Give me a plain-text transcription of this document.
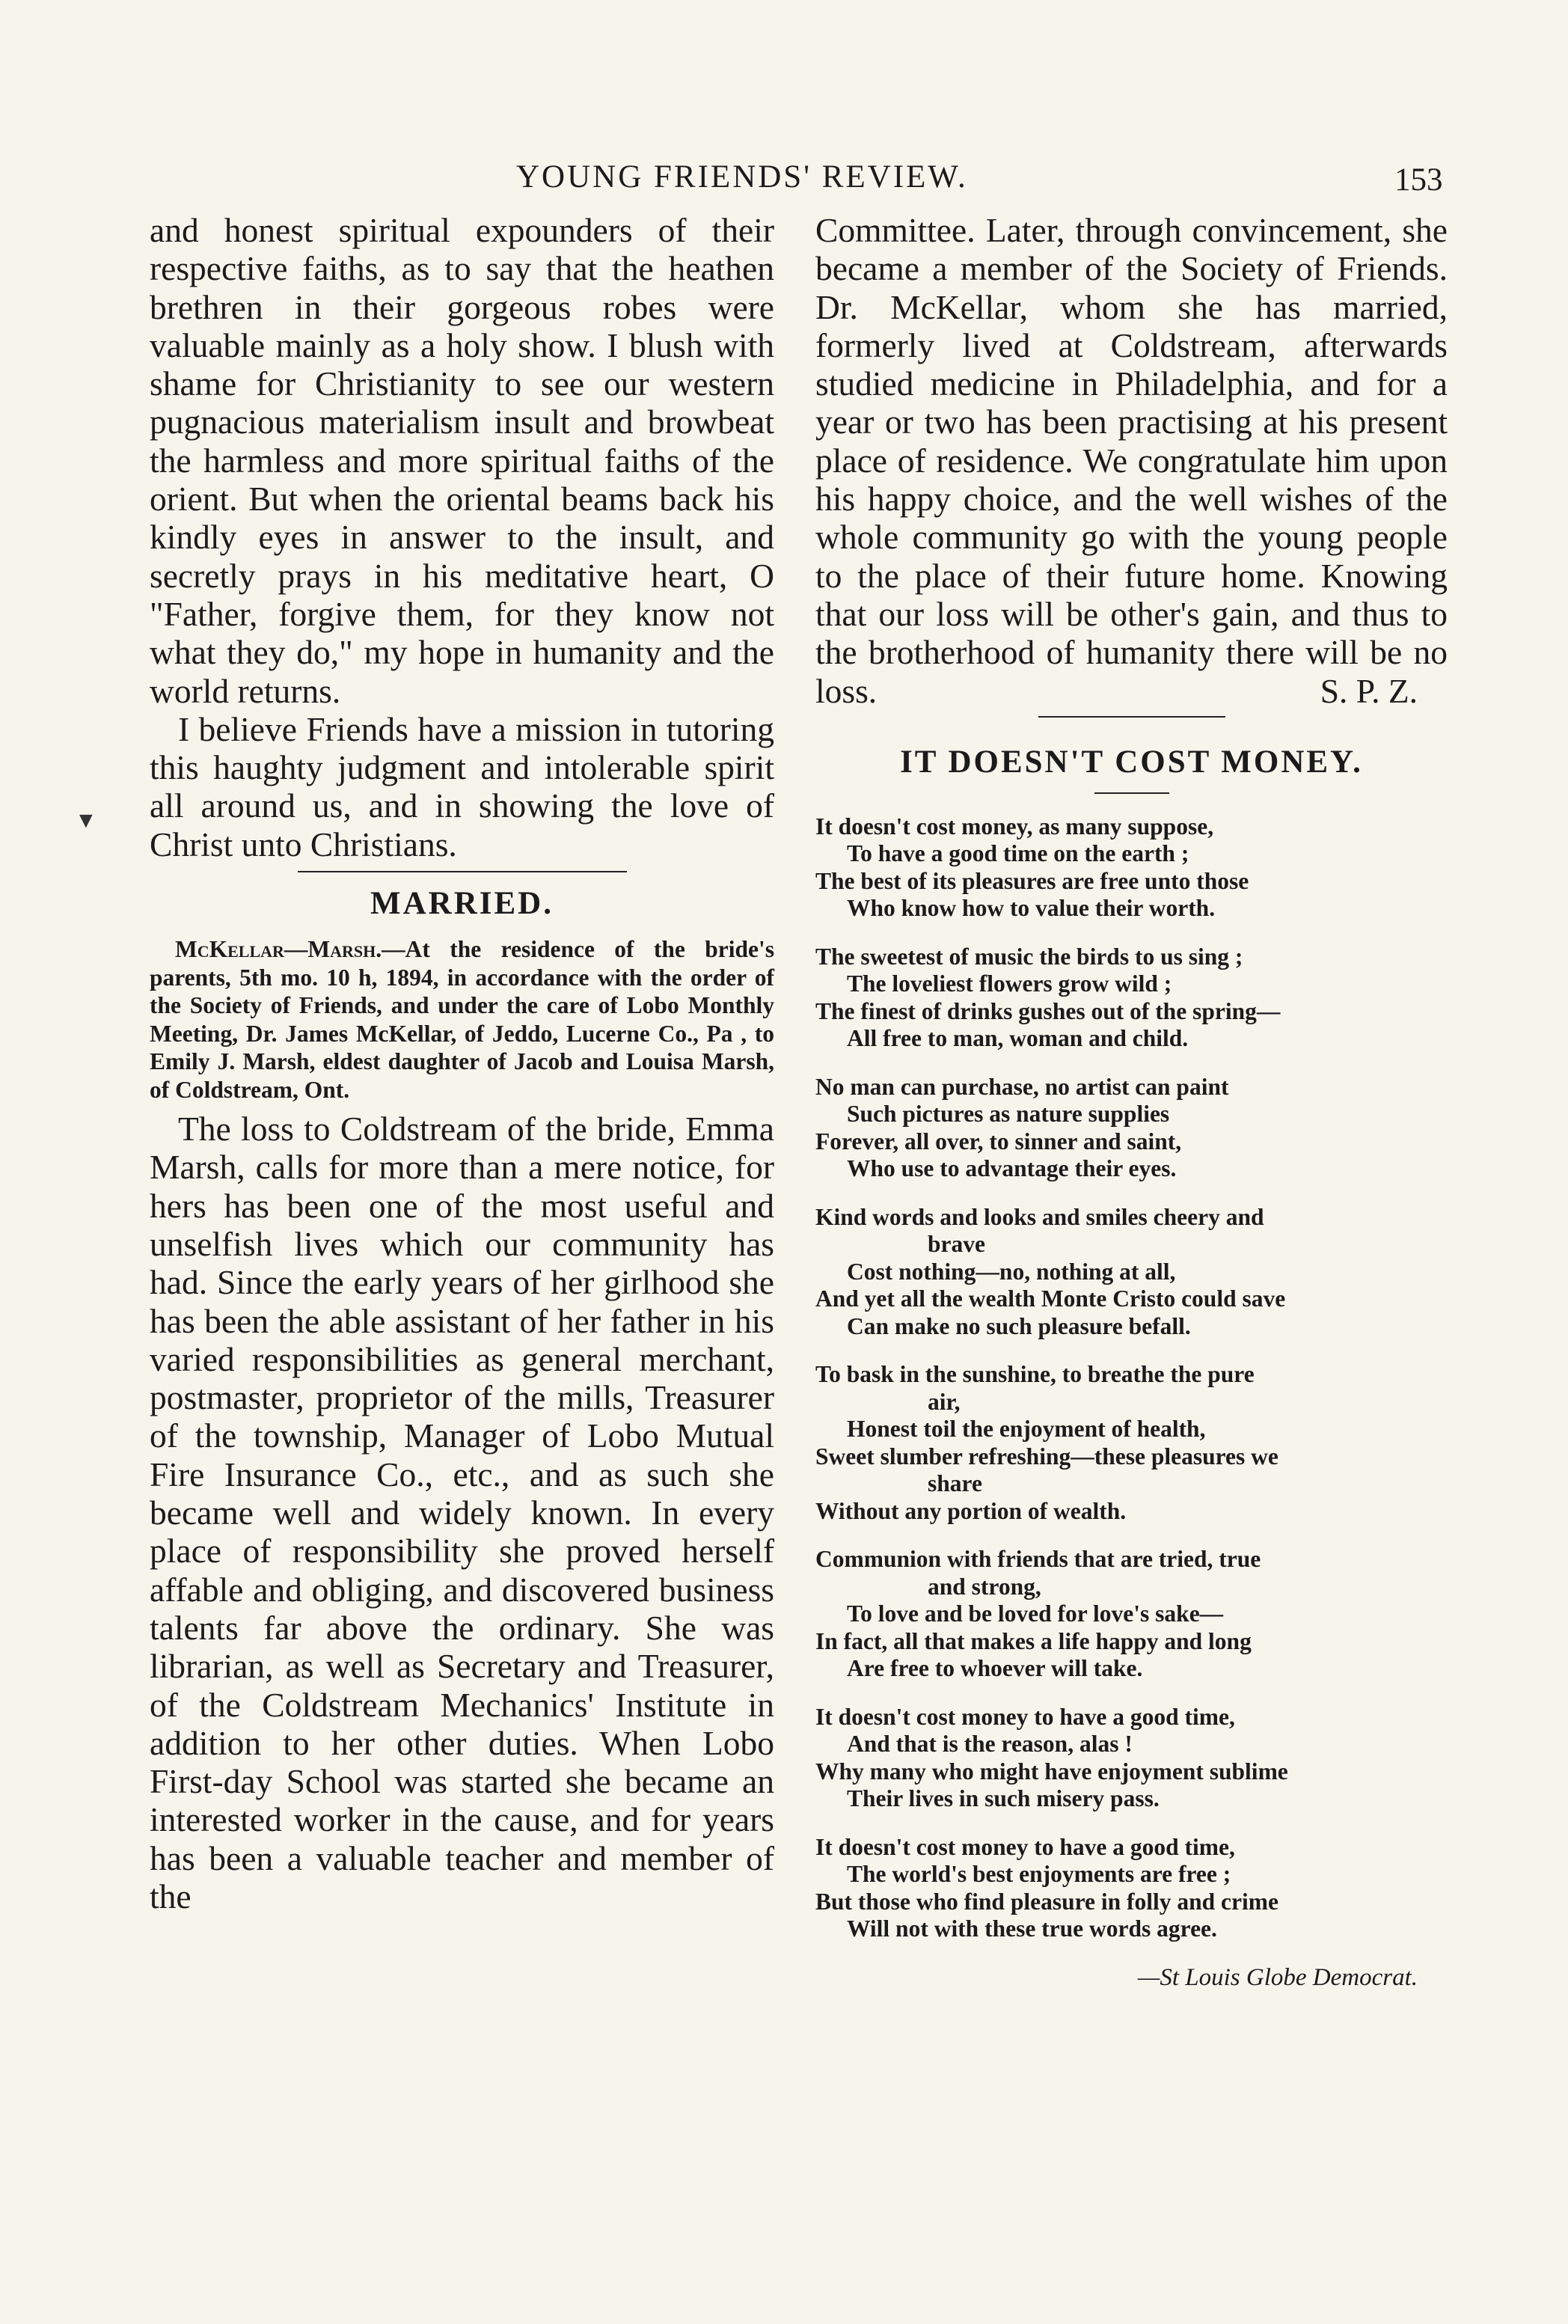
YOUNG FRIENDS' REVIEW.	153
▼

and honest spiritual expounders of their respective faiths, as to say that the heathen brethren in their gorgeous robes were valuable mainly as a holy show. I blush with shame for Christianity to see our western pugnacious materialism insult and browbeat the harmless and more spiritual faiths of the orient. But when the oriental beams back his kindly eyes in answer to the insult, and secretly prays in his meditative heart, O "Father, forgive them, for they know not what they do," my hope in humanity and the world returns.

I believe Friends have a mission in tutoring this haughty judgment and intolerable spirit all around us, and in showing the love of Christ unto Christians.

MARRIED.

McKellar—Marsh.—At the residence of the bride's parents, 5th mo. 10 h, 1894, in accordance with the order of the Society of Friends, and under the care of Lobo Monthly Meeting, Dr. James McKellar, of Jeddo, Lucerne Co., Pa , to Emily J. Marsh, eldest daughter of Jacob and Louisa Marsh, of Coldstream, Ont.

The loss to Coldstream of the bride, Emma Marsh, calls for more than a mere notice, for hers has been one of the most useful and unselfish lives which our community has had. Since the early years of her girlhood she has been the able assistant of her father in his varied responsibilities as general merchant, postmaster, proprietor of the mills, Treasurer of the township, Manager of Lobo Mutual Fire Insurance Co., etc., and as such she became well and widely known. In every place of responsibility she proved herself affable and obliging, and discovered business talents far above the ordinary. She was librarian, as well as Secretary and Treasurer, of the Coldstream Mechanics' Institute in addition to her other duties. When Lobo First-day School was started she became an interested worker in the cause, and for years has been a valuable teacher and member of the

Committee. Later, through convincement, she became a member of the Society of Friends. Dr. McKellar, whom she has married, formerly lived at Coldstream, afterwards studied medicine in Philadelphia, and for a year or two has been practising at his present place of residence. We congratulate him upon his happy choice, and the well wishes of the whole community go with the young people to the place of their future home. Knowing that our loss will be other's gain, and thus to the brotherhood of humanity there will be no

loss.	S. P. Z.
IT DOESN'T COST MONEY.
It doesn't cost money, as many suppose,
To have a good time on the earth ;
The best of its pleasures are free unto those
Who know how to value their worth.
The sweetest of music the birds to us sing ;
The loveliest flowers grow wild ;
The finest of drinks gushes out of the spring—
All free to man, woman and child.
No man can purchase, no artist can paint
Such pictures as nature supplies
Forever, all over, to sinner and saint,
Who use to advantage their eyes.
Kind words and looks and smiles cheery and
brave
Cost nothing—no, nothing at all,
And yet all the wealth Monte Cristo could save
Can make no such pleasure befall.
To bask in the sunshine, to breathe the pure
air,
Honest toil the enjoyment of health,
Sweet slumber refreshing—these pleasures we
share
Without any portion of wealth.
Communion with friends that are tried, true
and strong,
To love and be loved for love's sake—
In fact, all that makes a life happy and long
Are free to whoever will take.
It doesn't cost money to have a good time,
And that is the reason, alas !
Why many who might have enjoyment sublime
Their lives in such misery pass.
It doesn't cost money to have a good time,
The world's best enjoyments are free ;
But those who find pleasure in folly and crime
Will not with these true words agree.
—St Louis Globe Democrat.
